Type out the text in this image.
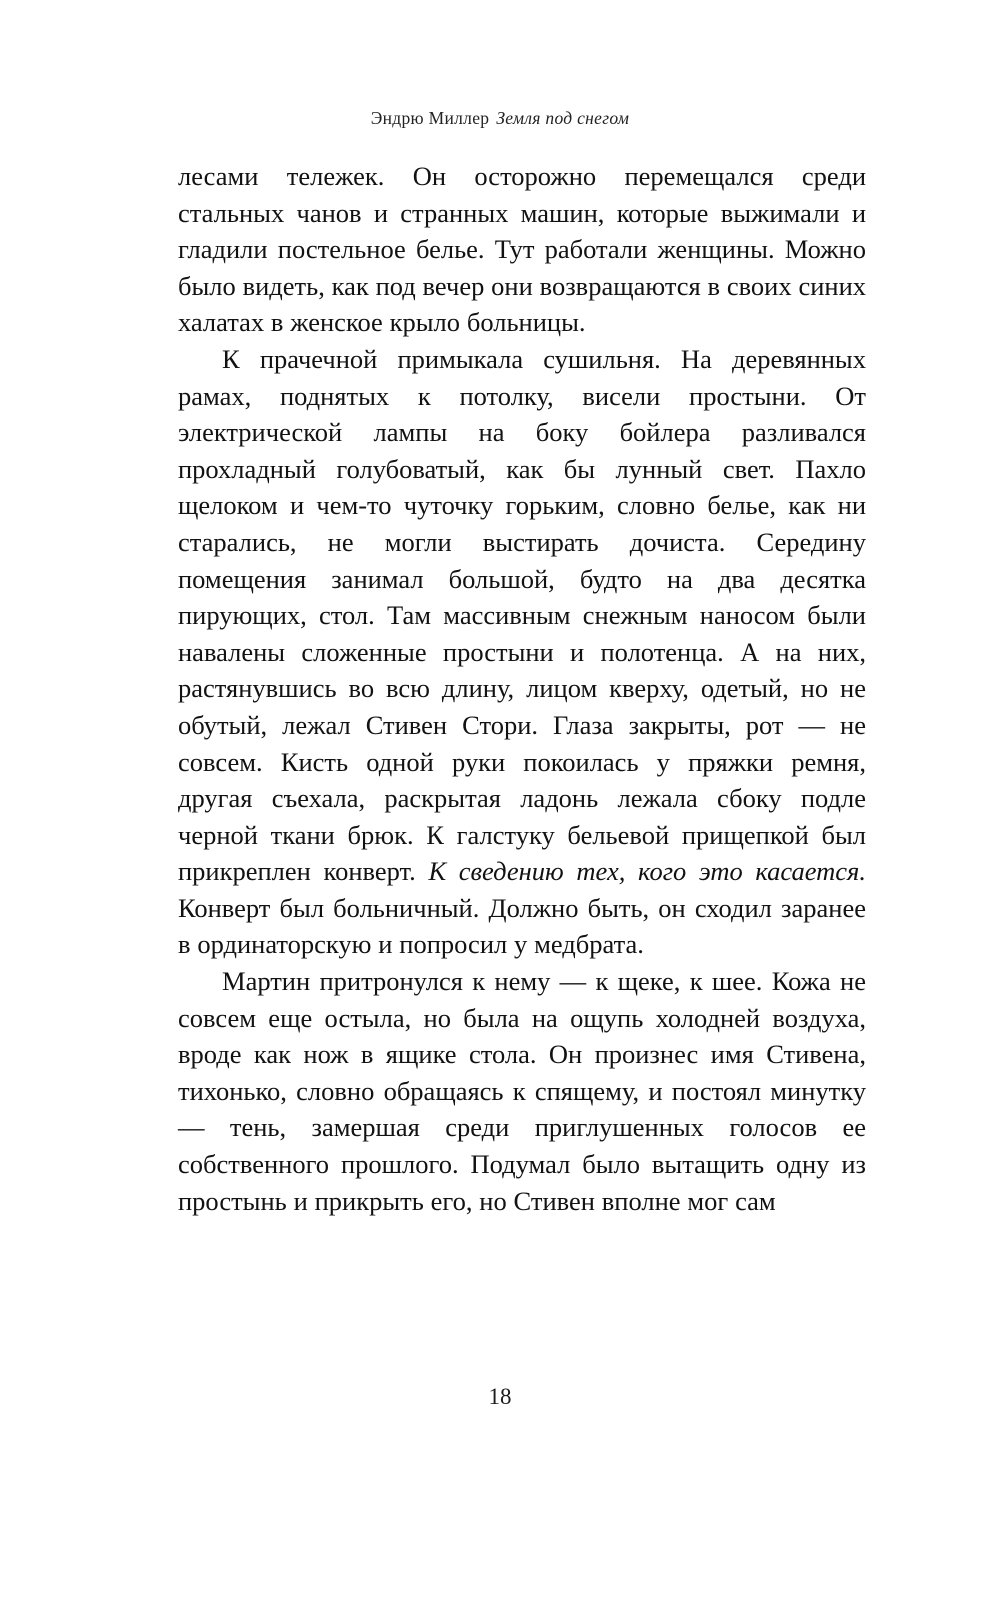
Эндрю Миллер Земля под снегом

лесами тележек. Он осторожно перемещался среди стальных чанов и странных машин, которые выжимали и гладили постельное белье. Тут работали женщины. Можно было видеть, как под вечер они возвращаются в своих синих халатах в женское крыло больницы.

К прачечной примыкала сушильня. На деревянных рамах, поднятых к потолку, висели простыни. От электрической лампы на боку бойлера разливался прохладный голубоватый, как бы лунный свет. Пахло щелоком и чем-то чуточку горьким, словно белье, как ни старались, не могли выстирать дочиста. Середину помещения занимал большой, будто на два десятка пирующих, стол. Там массивным снежным наносом были навалены сложенные простыни и полотенца. А на них, растянувшись во всю длину, лицом кверху, одетый, но не обутый, лежал Стивен Стори. Глаза закрыты, рот — не совсем. Кисть одной руки покоилась у пряжки ремня, другая съехала, раскрытая ладонь лежала сбоку подле черной ткани брюк. К галстуку бельевой прищепкой был прикреплен конверт. К сведению тех, кого это касается. Конверт был больничный. Должно быть, он сходил заранее в ординаторскую и попросил у медбрата.

Мартин притронулся к нему — к щеке, к шее. Кожа не совсем еще остыла, но была на ощупь холодней воздуха, вроде как нож в ящике стола. Он произнес имя Стивена, тихонько, словно обращаясь к спящему, и постоял минутку — тень, замершая среди приглушенных голосов ее собственного прошлого. Подумал было вытащить одну из простынь и прикрыть его, но Стивен вполне мог сам

18
